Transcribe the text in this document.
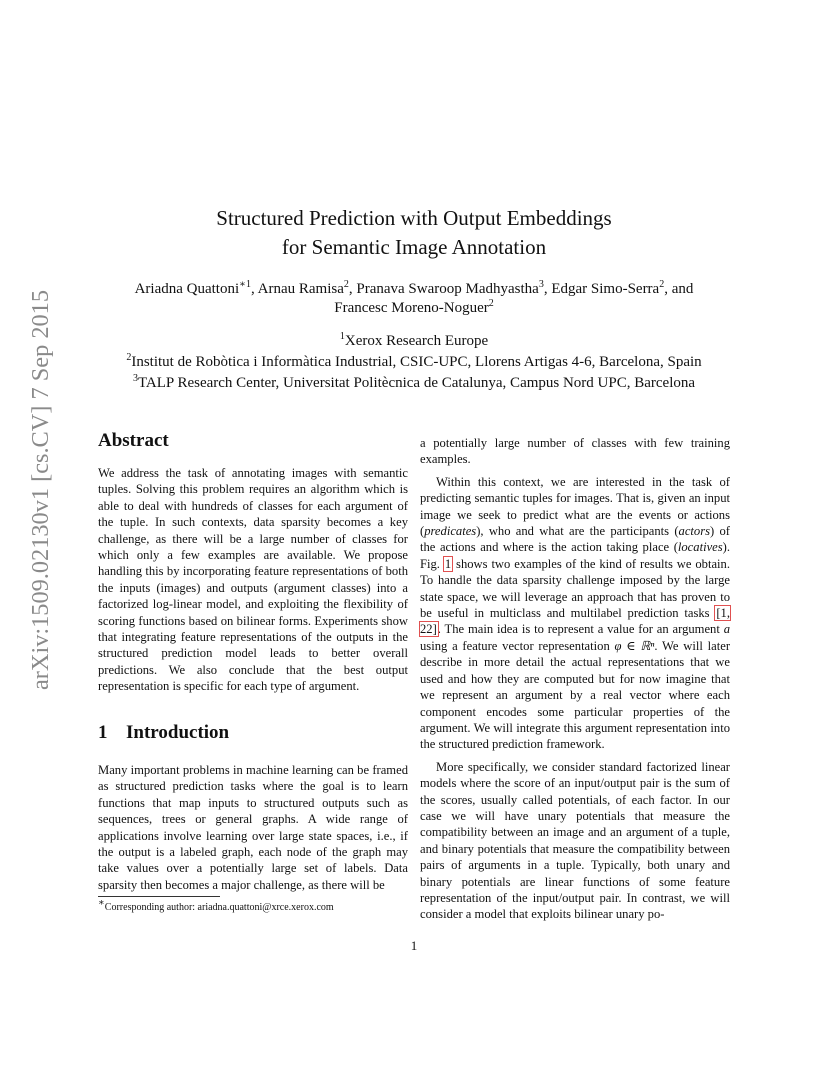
arXiv:1509.02130v1 [cs.CV] 7 Sep 2015
Structured Prediction with Output Embeddings
for Semantic Image Annotation
Ariadna Quattoni$^{∗1}$, Arnau Ramisa$^2$, Pranava Swaroop Madhyastha$^3$, Edgar Simo-Serra$^2$, and
Francesc Moreno-Noguer$^2$
$^1$Xerox Research Europe
$^2$Institut de Robòtica i Informàtica Industrial, CSIC-UPC, Llorens Artigas 4-6, Barcelona, Spain
$^3$TALP Research Center, Universitat Politècnica de Catalunya, Campus Nord UPC, Barcelona
Abstract

We address the task of annotating images with semantic tuples. Solving this problem requires an algorithm which is able to deal with hundreds of classes for each argument of the tuple. In such contexts, data sparsity becomes a key challenge, as there will be a large number of classes for which only a few examples are available. We propose handling this by incorporating feature representations of both the inputs (images) and outputs (argument classes) into a factorized log-linear model, and exploiting the flexibility of scoring functions based on bilinear forms. Experiments show that integrating feature representations of the outputs in the structured prediction model leads to better overall predictions. We also conclude that the best output representation is specific for each type of argument.

1 Introduction

Many important problems in machine learning can be framed as structured prediction tasks where the goal is to learn functions that map inputs to structured outputs such as sequences, trees or general graphs. A wide range of applications involve learning over large state spaces, i.e., if the output is a labeled graph, each node of the graph may take values over a potentially large set of labels. Data sparsity then becomes a major challenge, as there will be

a potentially large number of classes with few training examples.

Within this context, we are interested in the task of predicting semantic tuples for images. That is, given an input image we seek to predict what are the events or actions (predicates), who and what are the participants (actors) of the actions and where is the action taking place (locatives). Fig. 1 shows two examples of the kind of results we obtain. To handle the data sparsity challenge imposed by the large state space, we will leverage an approach that has proven to be useful in multiclass and multilabel prediction tasks [1, 22]. The main idea is to represent a value for an argument a using a feature vector representation φ ∈ ℝⁿ. We will later describe in more detail the actual representations that we used and how they are computed but for now imagine that we represent an argument by a real vector where each component encodes some particular properties of the argument. We will integrate this argument representation into the structured prediction framework.

More specifically, we consider standard factorized linear models where the score of an input/output pair is the sum of the scores, usually called potentials, of each factor. In our case we will have unary potentials that measure the compatibility between an image and an argument of a tuple, and binary potentials that measure the compatibility between pairs of arguments in a tuple. Typically, both unary and binary potentials are linear functions of some feature representation of the input/output pair. In contrast, we will consider a model that exploits bilinear unary po-

∗Corresponding author: ariadna.quattoni@xrce.xerox.com
1
